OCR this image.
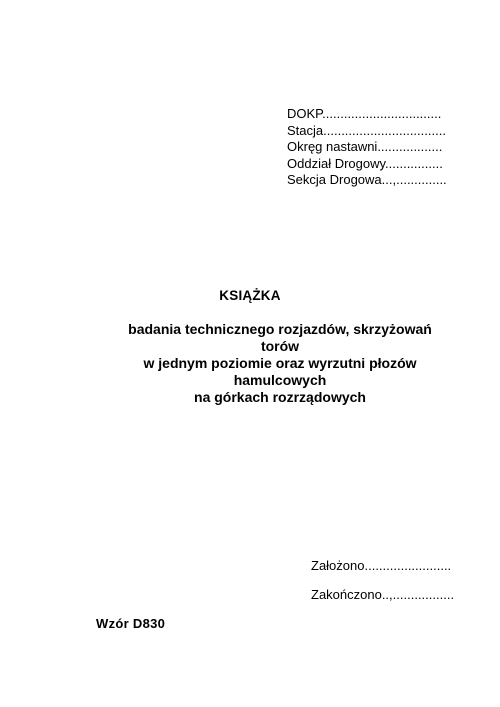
DOKP.................................
Stacja..................................
Okręg nastawni..................
Oddział Drogowy................
Sekcja Drogowa...,..............
KSIĄŻKA
badania technicznego rozjazdów, skrzyżowań
torów
w jednym poziomie oraz wyrzutni płozów
hamulcowych
na górkach rozrządowych
Założono........................
Zakończono..,.................
Wzór D830
